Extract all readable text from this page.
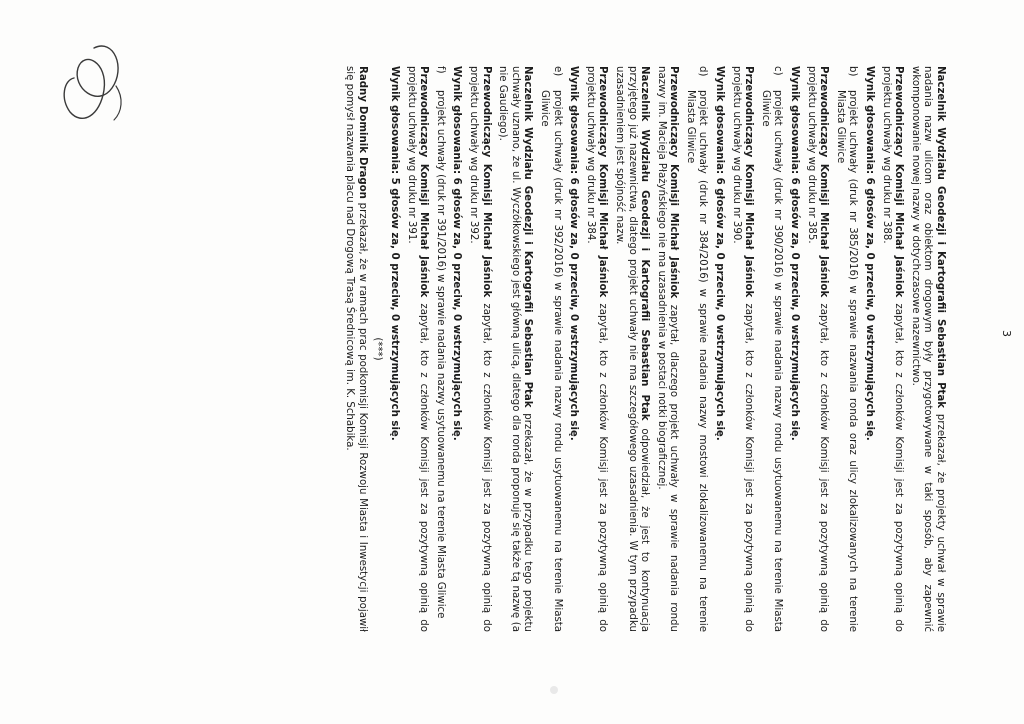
Naczelnik Wydziału Geodezji i Kartografii Sebastian Ptak przekazał, że projekty uchwał w sprawie nadania nazw ulicom oraz obiektom drogowym były przygotowywane w taki sposób, aby zapewnić wkomponowanie nowej nazwy w dotychczasowe nazewnictwo.

Przewodniczący Komisji Michał Jaśniok zapytał, kto z członków Komisji jest za pozytywną opinią do projektu uchwały wg druku nr 388.

Wynik głosowania: 6 głosów za, 0 przeciw, 0 wstrzymujących się.

b)
projekt uchwały (druk nr 385/2016) w sprawie nazwania ronda oraz ulicy zlokalizowanych na terenie Miasta Gliwice

Przewodniczący Komisji Michał Jaśniok zapytał, kto z członków Komisji jest za pozytywną opinią do projektu uchwały wg druku nr 385.

Wynik głosowania: 6 głosów za, 0 przeciw, 0 wstrzymujących się.

c)
projekt uchwały (druk nr 390/2016) w sprawie nadania nazwy rondu usytuowanemu na terenie Miasta Gliwice

Przewodniczący Komisji Michał Jaśniok zapytał, kto z członków Komisji jest za pozytywną opinią do projektu uchwały wg druku nr 390.

Wynik głosowania: 6 głosów za, 0 przeciw, 0 wstrzymujących się.

d)
projekt uchwały (druk nr 384/2016) w sprawie nadania nazwy mostowi zlokalizowanemu na terenie Miasta Gliwice

Przewodniczący Komisji Michał Jaśniok zapytał, dlaczego projekt uchwały w sprawie nadania rondu nazwy im. Macieja Płażyńskiego nie ma uzasadnienia w postaci notki biograficznej.

Naczelnik Wydziału Geodezji i Kartografii Sebastian Ptak odpowiedział, że jest to kontynuacja przyjętego już nazewnictwa, dlatego projekt uchwały nie ma szczegółowego uzasadnienia. W tym przypadku uzasadnieniem jest spójność nazw.

Przewodniczący Komisji Michał Jaśniok zapytał, kto z członków Komisji jest za pozytywną opinią do projektu uchwały wg druku nr 384.

Wynik głosowania: 6 głosów za, 0 przeciw, 0 wstrzymujących się.

e)
projekt uchwały (druk nr 392/2016) w sprawie nadania nazwy rondu usytuowanemu na terenie Miasta Gliwice

Naczelnik Wydziału Geodezji i Kartografii Sebastian Ptak przekazał, że w przypadku tego projektu uchwały uznano, że ul. Wyczółkowskiego jest główną ulicą, dlatego dla ronda proponuje się także tą nazwę (a nie Gaudiego).

Przewodniczący Komisji Michał Jaśniok zapytał, kto z członków Komisji jest za pozytywną opinią do projektu uchwały wg druku nr 392.

Wynik głosowania: 6 głosów za, 0 przeciw, 0 wstrzymujących się.

f)
projekt uchwały (druk nr 391/2016) w sprawie nadania nazwy usytuowanemu na terenie Miasta Gliwice

Przewodniczący Komisji Michał Jaśniok zapytał, kto z członków Komisji jest za pozytywną opinią do projektu uchwały wg druku nr 391.

Wynik głosowania: 5 głosów za, 0 przeciw, 0 wstrzymujących się.

(***)

Radny Dominik Dragon przekazał, że w ramach prac podkomisji Komisji Rozwoju Miasta i Inwestycji pojawił się pomysł nazwania placu nad Drogową Trasą Średnicową im. K. Schabika.	3
